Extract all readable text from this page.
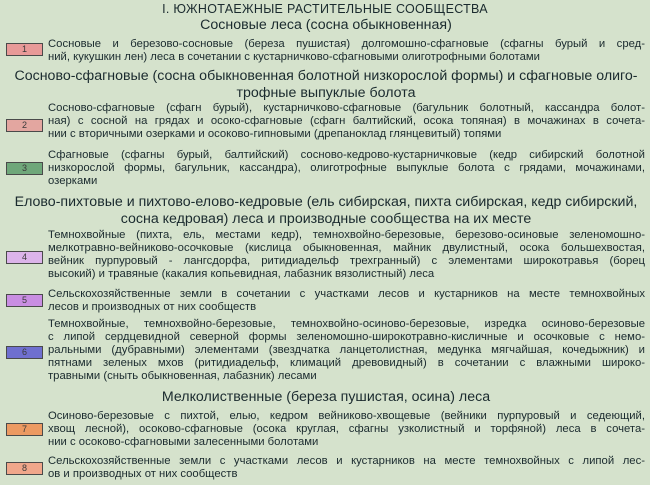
I. ЮЖНОТАЕЖНЫЕ РАСТИТЕЛЬНЫЕ СООБЩЕСТВА
Сосновые леса (сосна обыкновенная)
1	Сосновые и березово-сосновые (береза пушистая) долгомошно-сфагновые (сфагны бурый и сред-
ний, кукушкин лен) леса в сочетании с кустарничково-сфагновыми олиготрофными болотами
Сосново-сфагновые (сосна обыкновенная болотной низкорослой формы) и сфагновые олиго-
трофные выпуклые болота
2
Сосново-сфагновые (сфагн бурый), кустарничково-сфагновые (багульник болотный, кассандра болот-
ная) с сосной на грядах и осоко-сфагновые (сфагн балтийский, осока топяная) в мочажинах в сочета-
нии с вторичными озерками и осоково-гипновыми (дрепаноклад глянцевитый) топями
3
Сфагновые (сфагны бурый, балтийский) сосново-кедрово-кустарничковые (кедр сибирский болотной
низкорослой формы, багульник, кассандра), олиготрофные выпуклые болота с грядами, мочажинами,
озерками
Елово-пихтовые и пихтово-елово-кедровые (ель сибирская, пихта сибирская, кедр сибирский,
сосна кедровая) леса и производные сообщества на их месте
4
Темнохвойные (пихта, ель, местами кедр), темнохвойно-березовые, березово-осиновые зеленомошно-
мелкотравно-вейниково-осочковые (кислица обыкновенная, майник двулистный, осока большехвостая,
вейник пурпуровый - лангсдорфа, ритидиадельф трехгранный) с элементами широкотравья (борец
высокий) и травяные (какалия копьевидная, лабазник вязолистный) леса
5	Сельскохозяйственные земли в сочетании с участками лесов и кустарников на месте темнохвойных
лесов и производных от них сообществ
6
Темнохвойные, темнохвойно-березовые, темнохвойно-осиново-березовые, изредка осиново-березовые
с липой сердцевидной северной формы зеленомошно-широкотравно-кисличные и осочковые с немо-
ральными (дубравными) элементами (звездчатка ланцетолистная, медунка мягчайшая, кочедыжник) и
пятнами зеленых мхов (ритидиадельф, климаций древовидный) в сочетании с влажными широко-
травными (сныть обыкновенная, лабазник) лесами
Мелколиственные (береза пушистая, осина) леса
7
Осиново-березовые с пихтой, елью, кедром вейниково-хвощевые (вейники пурпуровый и седеющий,
хвощ лесной), осоково-сфагновые (осока круглая, сфагны узколистный и торфяной) леса в сочета-
нии с осоково-сфагновыми залесенными болотами
8
Сельскохозяйственные земли с участками лесов и кустарников на месте темнохвойных с липой лес-
ов и производных от них сообществ
